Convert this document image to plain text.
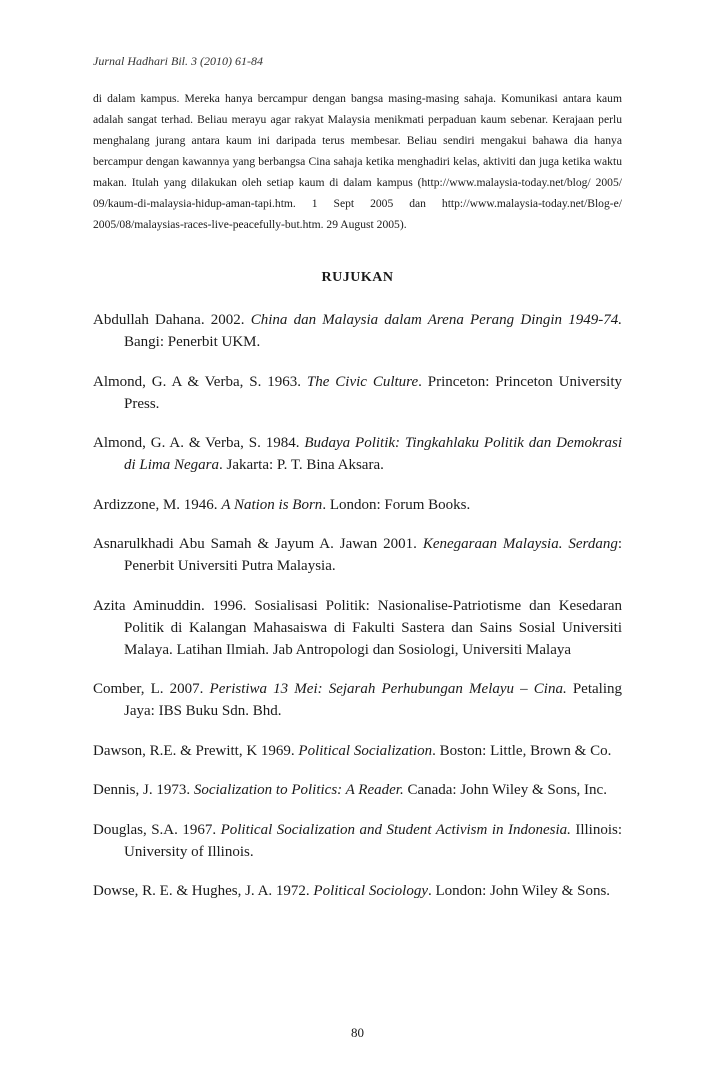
Jurnal Hadhari Bil. 3 (2010) 61-84

di dalam kampus. Mereka hanya bercampur dengan bangsa masing-masing sahaja. Komunikasi antara kaum adalah sangat terhad. Beliau merayu agar rakyat Malaysia menikmati perpaduan kaum sebenar. Kerajaan perlu menghalang jurang antara kaum ini daripada terus membesar. Beliau sendiri mengakui bahawa dia hanya bercampur dengan kawannya yang berbangsa Cina sahaja ketika menghadiri kelas, aktiviti dan juga ketika waktu makan. Itulah yang dilakukan oleh setiap kaum di dalam kampus (http://www.malaysia-today.net/blog/ 2005/ 09/kaum-di-malaysia-hidup-aman-tapi.htm. 1 Sept 2005 dan http://www.malaysia-today.net/Blog-e/ 2005/08/malaysias-races-live-peacefully-but.htm. 29 August 2005).

RUJUKAN
Abdullah Dahana. 2002. China dan Malaysia dalam Arena Perang Dingin 1949-74. Bangi: Penerbit UKM.
Almond, G. A & Verba, S. 1963. The Civic Culture. Princeton: Princeton University Press.
Almond, G. A. & Verba, S. 1984. Budaya Politik: Tingkahlaku Politik dan Demokrasi di Lima Negara. Jakarta: P. T. Bina Aksara.
Ardizzone, M. 1946. A Nation is Born. London: Forum Books.
Asnarulkhadi Abu Samah & Jayum A. Jawan 2001. Kenegaraan Malaysia. Serdang: Penerbit Universiti Putra Malaysia.
Azita Aminuddin. 1996. Sosialisasi Politik: Nasionalise-Patriotisme dan Kesedaran Politik di Kalangan Mahasaiswa di Fakulti Sastera dan Sains Sosial Universiti Malaya. Latihan Ilmiah. Jab Antropologi dan Sosiologi, Universiti Malaya
Comber, L. 2007. Peristiwa 13 Mei: Sejarah Perhubungan Melayu – Cina. Petaling Jaya: IBS Buku Sdn. Bhd.
Dawson, R.E. & Prewitt, K 1969. Political Socialization. Boston: Little, Brown & Co.
Dennis, J. 1973. Socialization to Politics: A Reader. Canada: John Wiley & Sons, Inc.
Douglas, S.A. 1967. Political Socialization and Student Activism in Indonesia. Illinois: University of Illinois.
Dowse, R. E. & Hughes, J. A. 1972. Political Sociology. London: John Wiley & Sons.
80
